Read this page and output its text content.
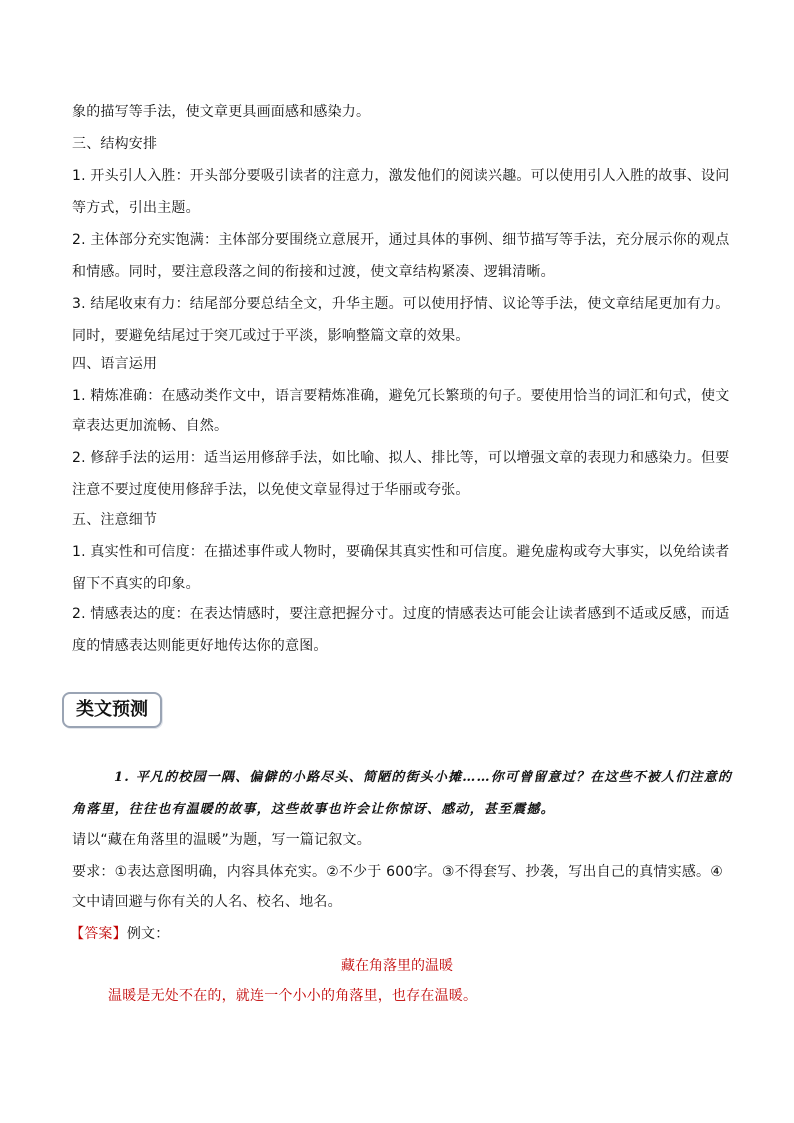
象的描写等手法，使文章更具画面感和感染力。
三、结构安排
1. 开头引人入胜：开头部分要吸引读者的注意力，激发他们的阅读兴趣。可以使用引人入胜的故事、设问
等方式，引出主题。
2. 主体部分充实饱满：主体部分要围绕立意展开，通过具体的事例、细节描写等手法，充分展示你的观点
和情感。同时，要注意段落之间的衔接和过渡，使文章结构紧凑、逻辑清晰。
3. 结尾收束有力：结尾部分要总结全文，升华主题。可以使用抒情、议论等手法，使文章结尾更加有力。
同时，要避免结尾过于突兀或过于平淡，影响整篇文章的效果。
四、语言运用
1. 精炼准确：在感动类作文中，语言要精炼准确，避免冗长繁琐的句子。要使用恰当的词汇和句式，使文
章表达更加流畅、自然。
2. 修辞手法的运用：适当运用修辞手法，如比喻、拟人、排比等，可以增强文章的表现力和感染力。但要
注意不要过度使用修辞手法，以免使文章显得过于华丽或夸张。
五、注意细节
1. 真实性和可信度：在描述事件或人物时，要确保其真实性和可信度。避免虚构或夸大事实，以免给读者
留下不真实的印象。
2. 情感表达的度：在表达情感时，要注意把握分寸。过度的情感表达可能会让读者感到不适或反感，而适
度的情感表达则能更好地传达你的意图。
类文预测
1. 平凡的校园一隅、偏僻的小路尽头、简陋的街头小摊……你可曾留意过？在这些不被人们注意的
角落里，往往也有温暖的故事，这些故事也许会让你惊讶、感动，甚至震撼。
请以“藏在角落里的温暖”为题，写一篇记叙文。
要求：①表达意图明确，内容具体充实。②不少于 600字。③不得套写、抄袭，写出自己的真情实感。④
文中请回避与你有关的人名、校名、地名。
【答案】例文：
藏在角落里的温暖
温暖是无处不在的，就连一个小小的角落里，也存在温暖。
